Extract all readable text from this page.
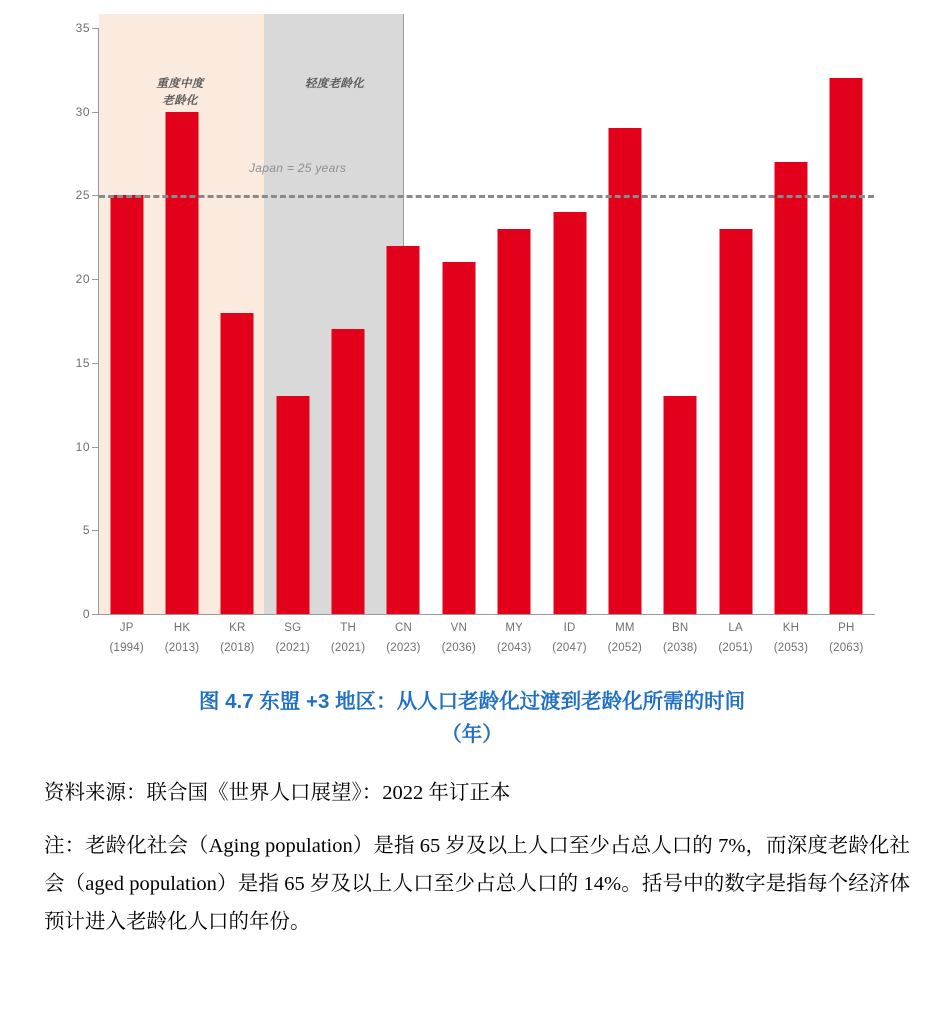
0
5
10
15
20
25
30
35
重度中度
老龄化
轻度老龄化
Japan = 25 years
JP
(1994)
HK
(2013)
KR
(2018)
SG
(2021)
TH
(2021)
CN
(2023)
VN
(2036)
MY
(2043)
ID
(2047)
MM
(2052)
BN
(2038)
LA
(2051)
KH
(2053)
PH
(2063)
图 4.7 东盟 +3 地区：从人口老龄化过渡到老龄化所需的时间
（年）
资料来源：联合国《世界人口展望》：2022 年订正本
注：老龄化社会（Aging population）是指 65 岁及以上人口至少占总人口的 7%，而深度老龄化社会（aged population）是指 65 岁及以上人口至少占总人口的 14%。括号中的数字是指每个经济体预计进入老龄化人口的年份。
